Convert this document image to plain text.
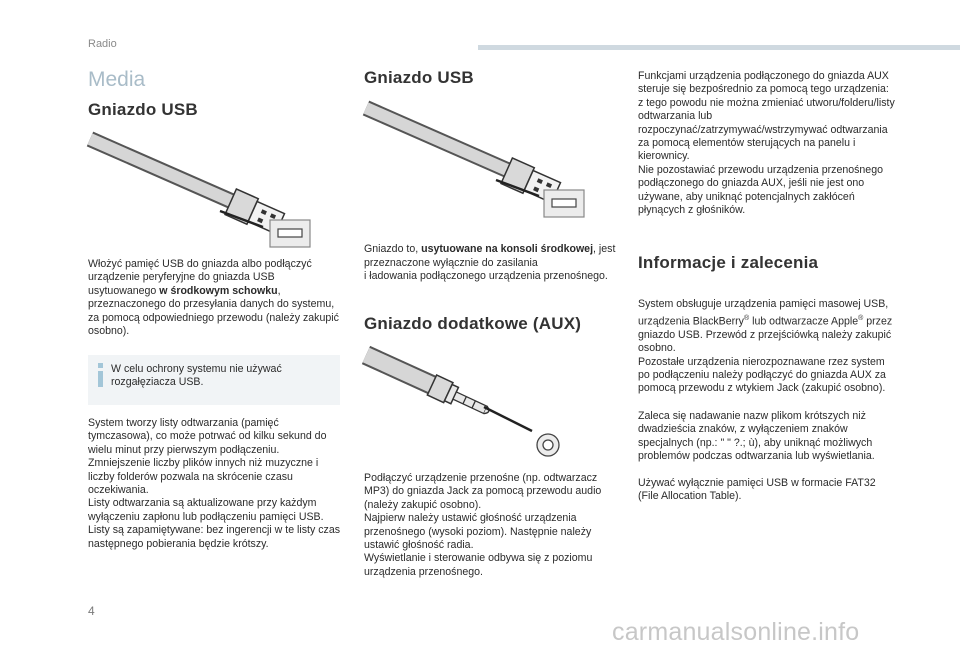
Radio
Media
Gniazdo USB

Włożyć pamięć USB do gniazda albo podłączyć urządzenie peryferyjne do gniazda USB usytuowanego w środkowym schowku, przeznaczonego do przesyłania danych do systemu, za pomocą odpowiedniego przewodu (należy zakupić osobno).

W celu ochrony systemu nie używać rozgałęziacza USB.

System tworzy listy odtwarzania (pamięć tymczasowa), co może potrwać od kilku sekund do wielu minut przy pierwszym podłączeniu.
Zmniejszenie liczby plików innych niż muzyczne i liczby folderów pozwala na skrócenie czasu oczekiwania.
Listy odtwarzania są aktualizowane przy każdym wyłączeniu zapłonu lub podłączeniu pamięci USB. Listy są zapamiętywane: bez ingerencji w te listy czas następnego pobierania będzie krótszy.

Gniazdo USB

Gniazdo to, usytuowane na konsoli środkowej, jest przeznaczone wyłącznie do zasilania
i ładowania podłączonego urządzenia przenośnego.

Gniazdo dodatkowe (AUX)

Podłączyć urządzenie przenośne (np. odtwarzacz MP3) do gniazda Jack za pomocą przewodu audio (należy zakupić osobno).
Najpierw należy ustawić głośność urządzenia przenośnego (wysoki poziom). Następnie należy ustawić głośność radia.
Wyświetlanie i sterowanie odbywa się z poziomu urządzenia przenośnego.

Funkcjami urządzenia podłączonego do gniazda AUX steruje się bezpośrednio za pomocą tego urządzenia: z tego powodu nie można zmieniać utworu/folderu/listy odtwarzania lub rozpoczynać/zatrzymywać/wstrzymywać odtwarzania za pomocą elementów sterujących na panelu i kierownicy.
Nie pozostawiać przewodu urządzenia przenośnego podłączonego do gniazda AUX, jeśli nie jest ono używane, aby uniknąć potencjalnych zakłóceń płynących z głośników.

Informacje i zalecenia

System obsługuje urządzenia pamięci masowej USB, urządzenia BlackBerry® lub odtwarzacze Apple® przez gniazdo USB. Przewód z przejściówką należy zakupić osobno.
Pozostałe urządzenia nierozpoznawane rzez system po podłączeniu należy podłączyć do gniazda AUX za pomocą przewodu z wtykiem Jack (zakupić osobno).

Zaleca się nadawanie nazw plikom krótszych niż dwadzieścia znaków, z wyłączeniem znaków specjalnych (np.: " " ?.; ù), aby uniknąć możliwych problemów podczas odtwarzania lub wyświetlania.

Używać wyłącznie pamięci USB w formacie FAT32 (File Allocation Table).

4
carmanualsonline.info
